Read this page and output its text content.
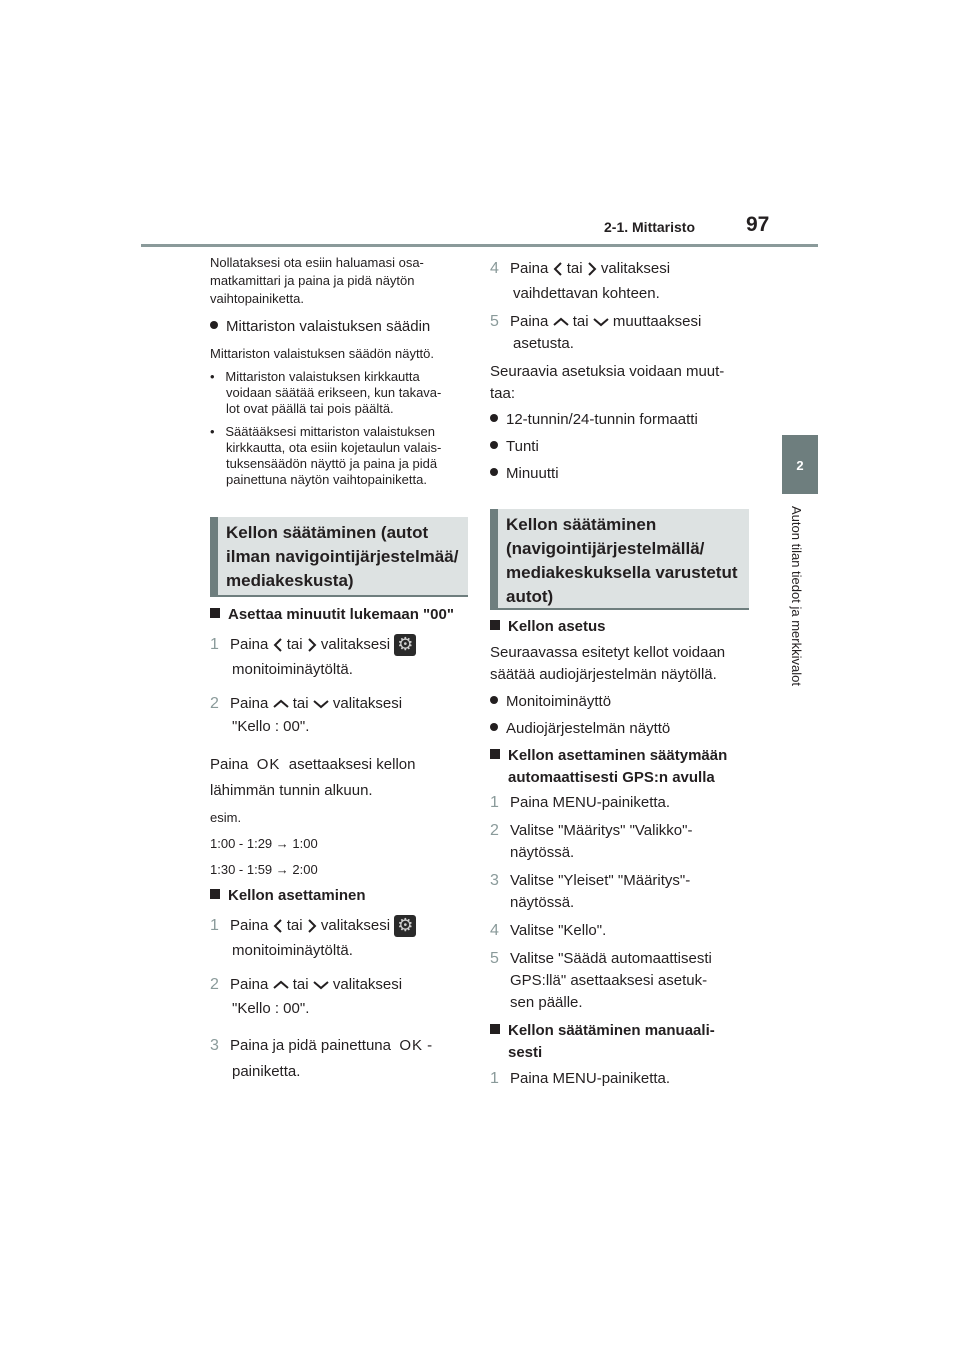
2-1. Mittaristo 97
2
Auton tilan tiedot ja merkkivalot
Nollataksesi ota esiin haluamasi osa-
matkamittari ja paina ja pidä näytön
vaihtopainiketta.
Mittariston valaistuksen säädin
Mittariston valaistuksen säädön näyttö.
•   Mittariston valaistuksen kirkkautta
voidaan säätää erikseen, kun takava-
lot ovat päällä tai pois päältä.
•   Säätääksesi mittariston valaistuksen
kirkkautta, ota esiin kojetaulun valais-
tuksensäädön näyttö ja paina ja pidä
painettuna näytön vaihtopainiketta.
Kellon säätäminen (autot
ilman navigointijärjestelmää/
mediakeskusta)
Asettaa minuutit lukemaan "00"
1 Paina tai valitaksesi ⚙
monitoiminäytöltä.
2 Paina tai valitaksesi
"Kello : 00".
Paina OK asettaaksesi kellon
lähimmän tunnin alkuun.
esim.
1:00 - 1:29 → 1:00
1:30 - 1:59 → 2:00
Kellon asettaminen
1 Paina tai valitaksesi ⚙
monitoiminäytöltä.
2 Paina tai valitaksesi
"Kello : 00".
3 Paina ja pidä painettuna OK -
painiketta.
4 Paina tai valitaksesi
vaihdettavan kohteen.
5 Paina tai muuttaaksesi
asetusta.
Seuraavia asetuksia voidaan muut-
taa:
12-tunnin/24-tunnin formaatti
Tunti
Minuutti
Kellon säätäminen
(navigointijärjestelmällä/
mediakeskuksella varustetut
autot)
Kellon asetus
Seuraavassa esitetyt kellot voidaan
säätää audiojärjestelmän näytöllä.
Monitoiminäyttö
Audiojärjestelmän näyttö
Kellon asettaminen säätymään
automaattisesti GPS:n avulla
1 Paina MENU-painiketta.
2 Valitse "Määritys" "Valikko"-
näytössä.
3 Valitse "Yleiset" "Määritys"-
näytössä.
4 Valitse "Kello".
5 Valitse "Säädä automaattisesti
GPS:llä" asettaaksesi asetuk-
sen päälle.
Kellon säätäminen manuaali-
sesti
1 Paina MENU-painiketta.
